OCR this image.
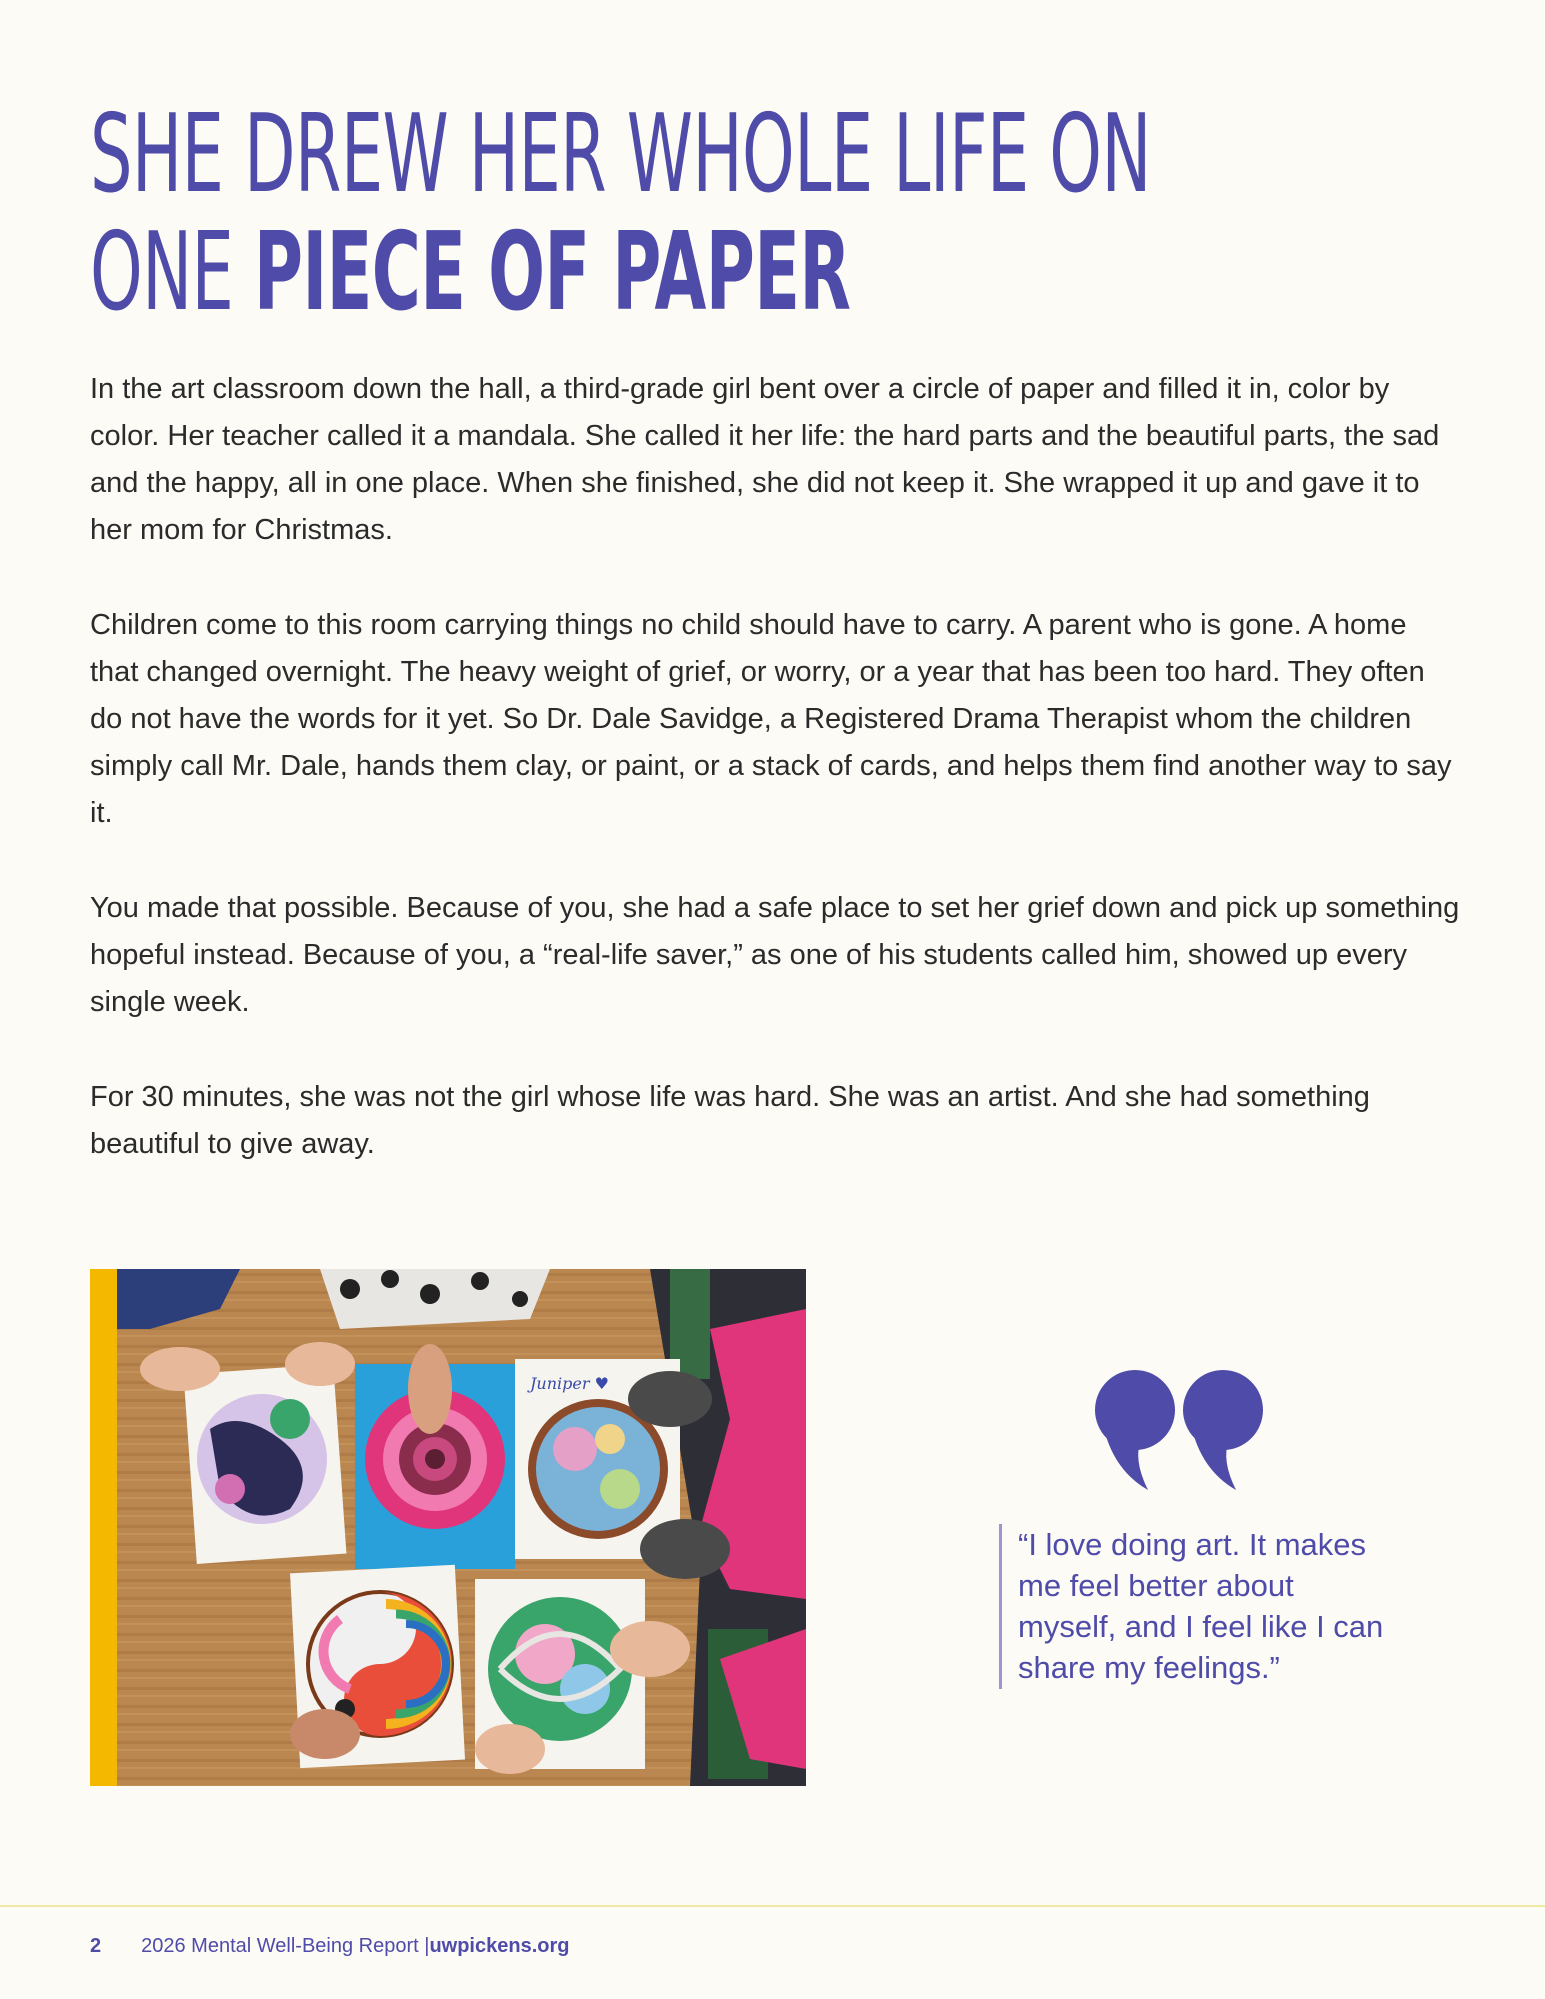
SHE DREW HER WHOLE LIFE ON
ONE PIECE OF PAPER

In the art classroom down the hall, a third-grade girl bent over a circle of paper and filled it in, color by color. Her teacher called it a mandala. She called it her life: the hard parts and the beautiful parts, the sad and the happy, all in one place. When she finished, she did not keep it. She wrapped it up and gave it to her mom for Christmas.

Children come to this room carrying things no child should have to carry. A parent who is gone. A home that changed overnight. The heavy weight of grief, or worry, or a year that has been too hard. They often do not have the words for it yet. So Dr. Dale Savidge, a Registered Drama Therapist whom the children simply call Mr. Dale, hands them clay, or paint, or a stack of cards, and helps them find another way to say it.

You made that possible. Because of you, she had a safe place to set her grief down and pick up something hopeful instead. Because of you, a “real-life saver,” as one of his students called him, showed up every single week.

For 30 minutes, she was not the girl whose life was hard. She was an artist. And she had something beautiful to give away.

Juniper ♥
“I love doing art. It makes me feel better about myself, and I feel like I can share my feelings.”
2 2026 Mental Well-Being Report | uwpickens.org
